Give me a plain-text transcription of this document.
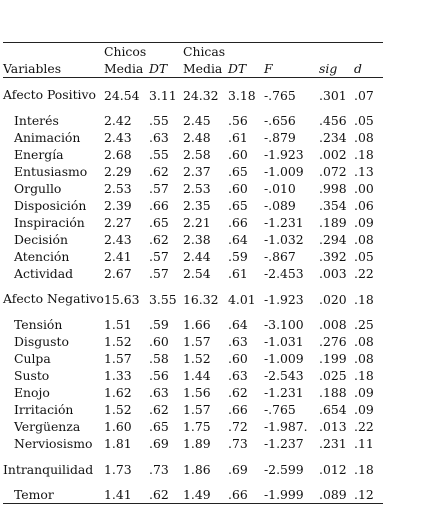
	Chicos		Chicas				
Variables	Media	DT	Media	DT	F	sig	d
Afecto Positivo	24.54	3.11	24.32	3.18	-.765	.301	.07
Interés	2.42	.55	2.45	.56	-.656	.456	.05
Animación	2.43	.63	2.48	.61	-.879	.234	.08
Energía	2.68	.55	2.58	.60	-1.923	.002	.18
Entusiasmo	2.29	.62	2.37	.65	-1.009	.072	.13
Orgullo	2.53	.57	2.53	.60	-.010	.998	.00
Disposición	2.39	.66	2.35	.65	-.089	.354	.06
Inspiración	2.27	.65	2.21	.66	-1.231	.189	.09
Decisión	2.43	.62	2.38	.64	-1.032	.294	.08
Atención	2.41	.57	2.44	.59	-.867	.392	.05
Actividad	2.67	.57	2.54	.61	-2.453	.003	.22
Afecto Negativo	15.63	3.55	16.32	4.01	-1.923	.020	.18
Tensión	1.51	.59	1.66	.64	-3.100	.008	.25
Disgusto	1.52	.60	1.57	.63	-1.031	.276	.08
Culpa	1.57	.58	1.52	.60	-1.009	.199	.08
Susto	1.33	.56	1.44	.63	-2.543	.025	.18
Enojo	1.62	.63	1.56	.62	-1.231	.188	.09
Irritación	1.52	.62	1.57	.66	-.765	.654	.09
Vergüenza	1.60	.65	1.75	.72	-1.987.	.013	.22
Nerviosismo	1.81	.69	1.89	.73	-1.237	.231	.11
Intranquilidad	1.73	.73	1.86	.69	-2.599	.012	.18
Temor	1.41	.62	1.49	.66	-1.999	.089	.12
